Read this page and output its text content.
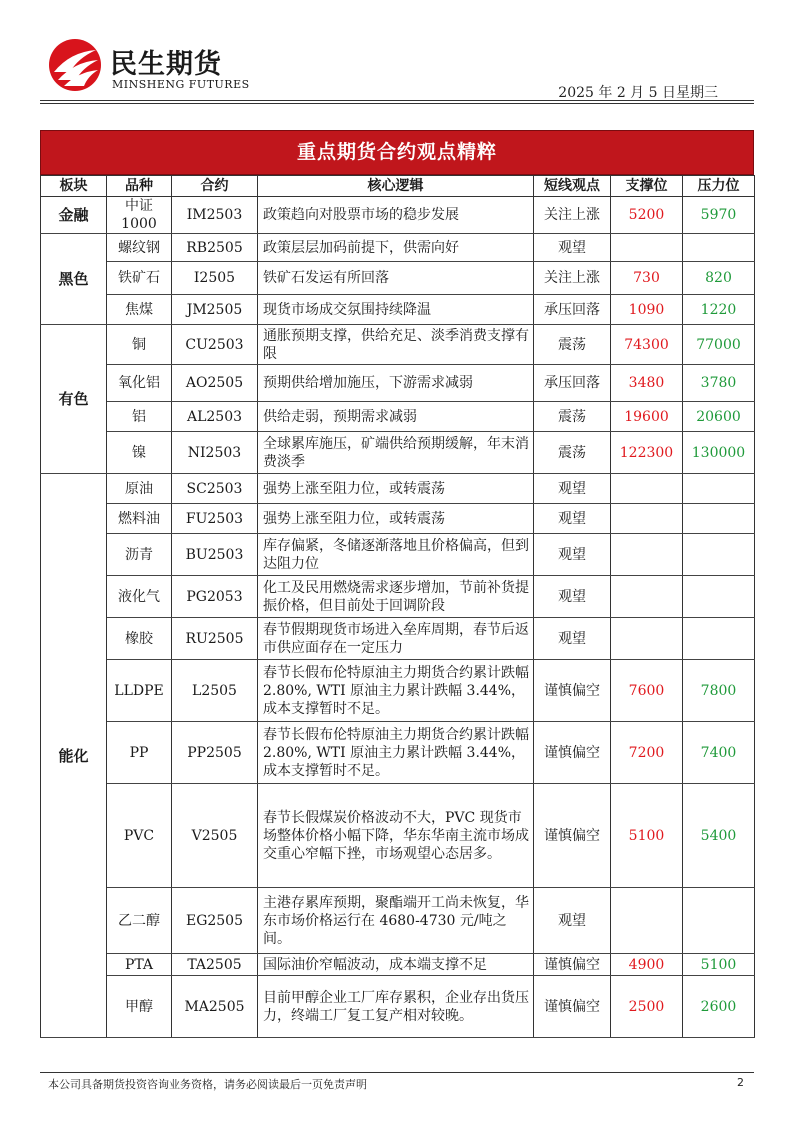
民生期货
MINSHENG FUTURES
2025 年 2 月 5 日星期三
重点期货合约观点精粹
板块	品种	合约	核心逻辑	短线观点	支撑位	压力位
金融	中证1000	IM2503	政策趋向对股票市场的稳步发展	关注上涨	5200	5970
黑色	螺纹钢	RB2505	政策层层加码前提下，供需向好	观望		
	铁矿石	I2505	铁矿石发运有所回落	关注上涨	730	820
	焦煤	JM2505	现货市场成交氛围持续降温	承压回落	1090	1220
有色	铜	CU2503	通胀预期支撑，供给充足、淡季消费支撑有限	震荡	74300	77000
	氧化铝	AO2505	预期供给增加施压，下游需求减弱	承压回落	3480	3780
	铝	AL2503	供给走弱，预期需求减弱	震荡	19600	20600
	镍	NI2503	全球累库施压，矿端供给预期缓解，年末消费淡季	震荡	122300	130000
能化	原油	SC2503	强势上涨至阻力位，或转震荡	观望		
	燃料油	FU2503	强势上涨至阻力位，或转震荡	观望		
	沥青	BU2503	库存偏紧，冬储逐渐落地且价格偏高，但到达阻力位	观望		
	液化气	PG2053	化工及民用燃烧需求逐步增加，节前补货提振价格，但目前处于回调阶段	观望		
	橡胶	RU2505	春节假期现货市场进入垒库周期，春节后返市供应面存在一定压力	观望		
	LLDPE	L2505	春节长假布伦特原油主力期货合约累计跌幅 2.80%, WTI 原油主力累计跌幅 3.44%，成本支撑暂时不足。	谨慎偏空	7600	7800
	PP	PP2505	春节长假布伦特原油主力期货合约累计跌幅 2.80%, WTI 原油主力累计跌幅 3.44%，成本支撑暂时不足。	谨慎偏空	7200	7400
	PVC	V2505	春节长假煤炭价格波动不大，PVC 现货市场整体价格小幅下降，华东华南主流市场成交重心窄幅下挫，市场观望心态居多。	谨慎偏空	5100	5400
	乙二醇	EG2505	主港存累库预期，聚酯端开工尚未恢复，华东市场价格运行在 4680-4730 元/吨之间。	观望		
	PTA	TA2505	国际油价窄幅波动，成本端支撑不足	谨慎偏空	4900	5100
	甲醇	MA2505	目前甲醇企业工厂库存累积，企业存出货压力，终端工厂复工复产相对较晚。	谨慎偏空	2500	2600
本公司具备期货投资咨询业务资格，请务必阅读最后一页免责声明	2
